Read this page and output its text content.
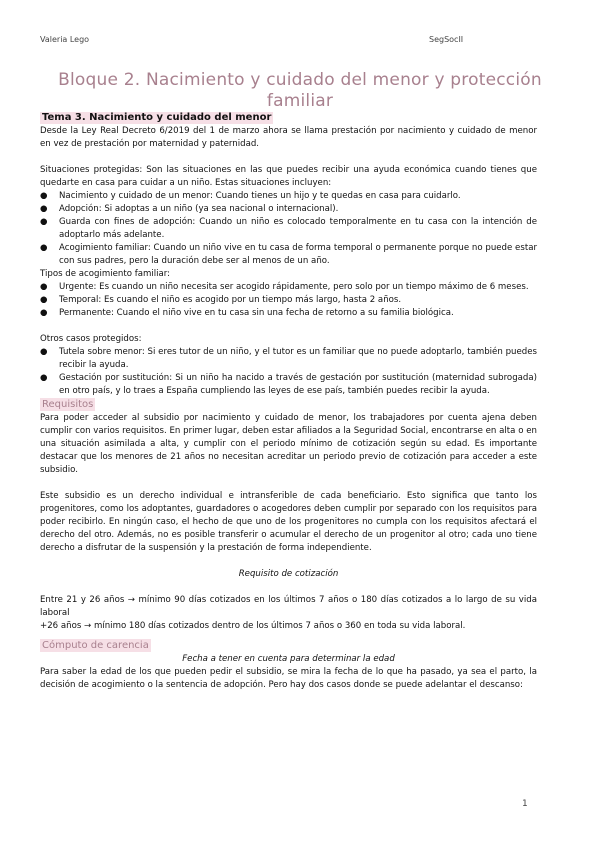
Valeria Lego	SegSocII
Bloque 2. Nacimiento y cuidado del menor y protección familiar
Tema 3. Nacimiento y cuidado del menor

Desde la Ley Real Decreto 6/2019 del 1 de marzo ahora se llama prestación por nacimiento y cuidado de menor en vez de prestación por maternidad y paternidad.

Situaciones protegidas: Son las situaciones en las que puedes recibir una ayuda económica cuando tienes que quedarte en casa para cuidar a un niño. Estas situaciones incluyen:

● Nacimiento y cuidado de un menor: Cuando tienes un hijo y te quedas en casa para cuidarlo.
● Adopción: Si adoptas a un niño (ya sea nacional o internacional).
● Guarda con fines de adopción: Cuando un niño es colocado temporalmente en tu casa con la intención de adoptarlo más adelante.
● Acogimiento familiar: Cuando un niño vive en tu casa de forma temporal o permanente porque no puede estar con sus padres, pero la duración debe ser al menos de un año.

Tipos de acogimiento familiar:

● Urgente: Es cuando un niño necesita ser acogido rápidamente, pero solo por un tiempo máximo de 6 meses.
● Temporal: Es cuando el niño es acogido por un tiempo más largo, hasta 2 años.
● Permanente: Cuando el niño vive en tu casa sin una fecha de retorno a su familia biológica.

Otros casos protegidos:

● Tutela sobre menor: Si eres tutor de un niño, y el tutor es un familiar que no puede adoptarlo, también puedes recibir la ayuda.
● Gestación por sustitución: Si un niño ha nacido a través de gestación por sustitución (maternidad subrogada) en otro país, y lo traes a España cumpliendo las leyes de ese país, también puedes recibir la ayuda.
Requisitos

Para poder acceder al subsidio por nacimiento y cuidado de menor, los trabajadores por cuenta ajena deben cumplir con varios requisitos. En primer lugar, deben estar afiliados a la Seguridad Social, encontrarse en alta o en una situación asimilada a alta, y cumplir con el periodo mínimo de cotización según su edad. Es importante destacar que los menores de 21 años no necesitan acreditar un periodo previo de cotización para acceder a este subsidio.

Este subsidio es un derecho individual e intransferible de cada beneficiario. Esto significa que tanto los progenitores, como los adoptantes, guardadores o acogedores deben cumplir por separado con los requisitos para poder recibirlo. En ningún caso, el hecho de que uno de los progenitores no cumpla con los requisitos afectará el derecho del otro. Además, no es posible transferir o acumular el derecho de un progenitor al otro; cada uno tiene derecho a disfrutar de la suspensión y la prestación de forma independiente.

Requisito de cotización

Entre 21 y 26 años → mínimo 90 días cotizados en los últimos 7 años o 180 días cotizados a lo largo de su vida laboral

+26 años → mínimo 180 días cotizados dentro de los últimos 7 años o 360 en toda su vida laboral.

Cómputo de carencia

Fecha a tener en cuenta para determinar la edad

Para saber la edad de los que pueden pedir el subsidio, se mira la fecha de lo que ha pasado, ya sea el parto, la decisión de acogimiento o la sentencia de adopción. Pero hay dos casos donde se puede adelantar el descanso:

1
